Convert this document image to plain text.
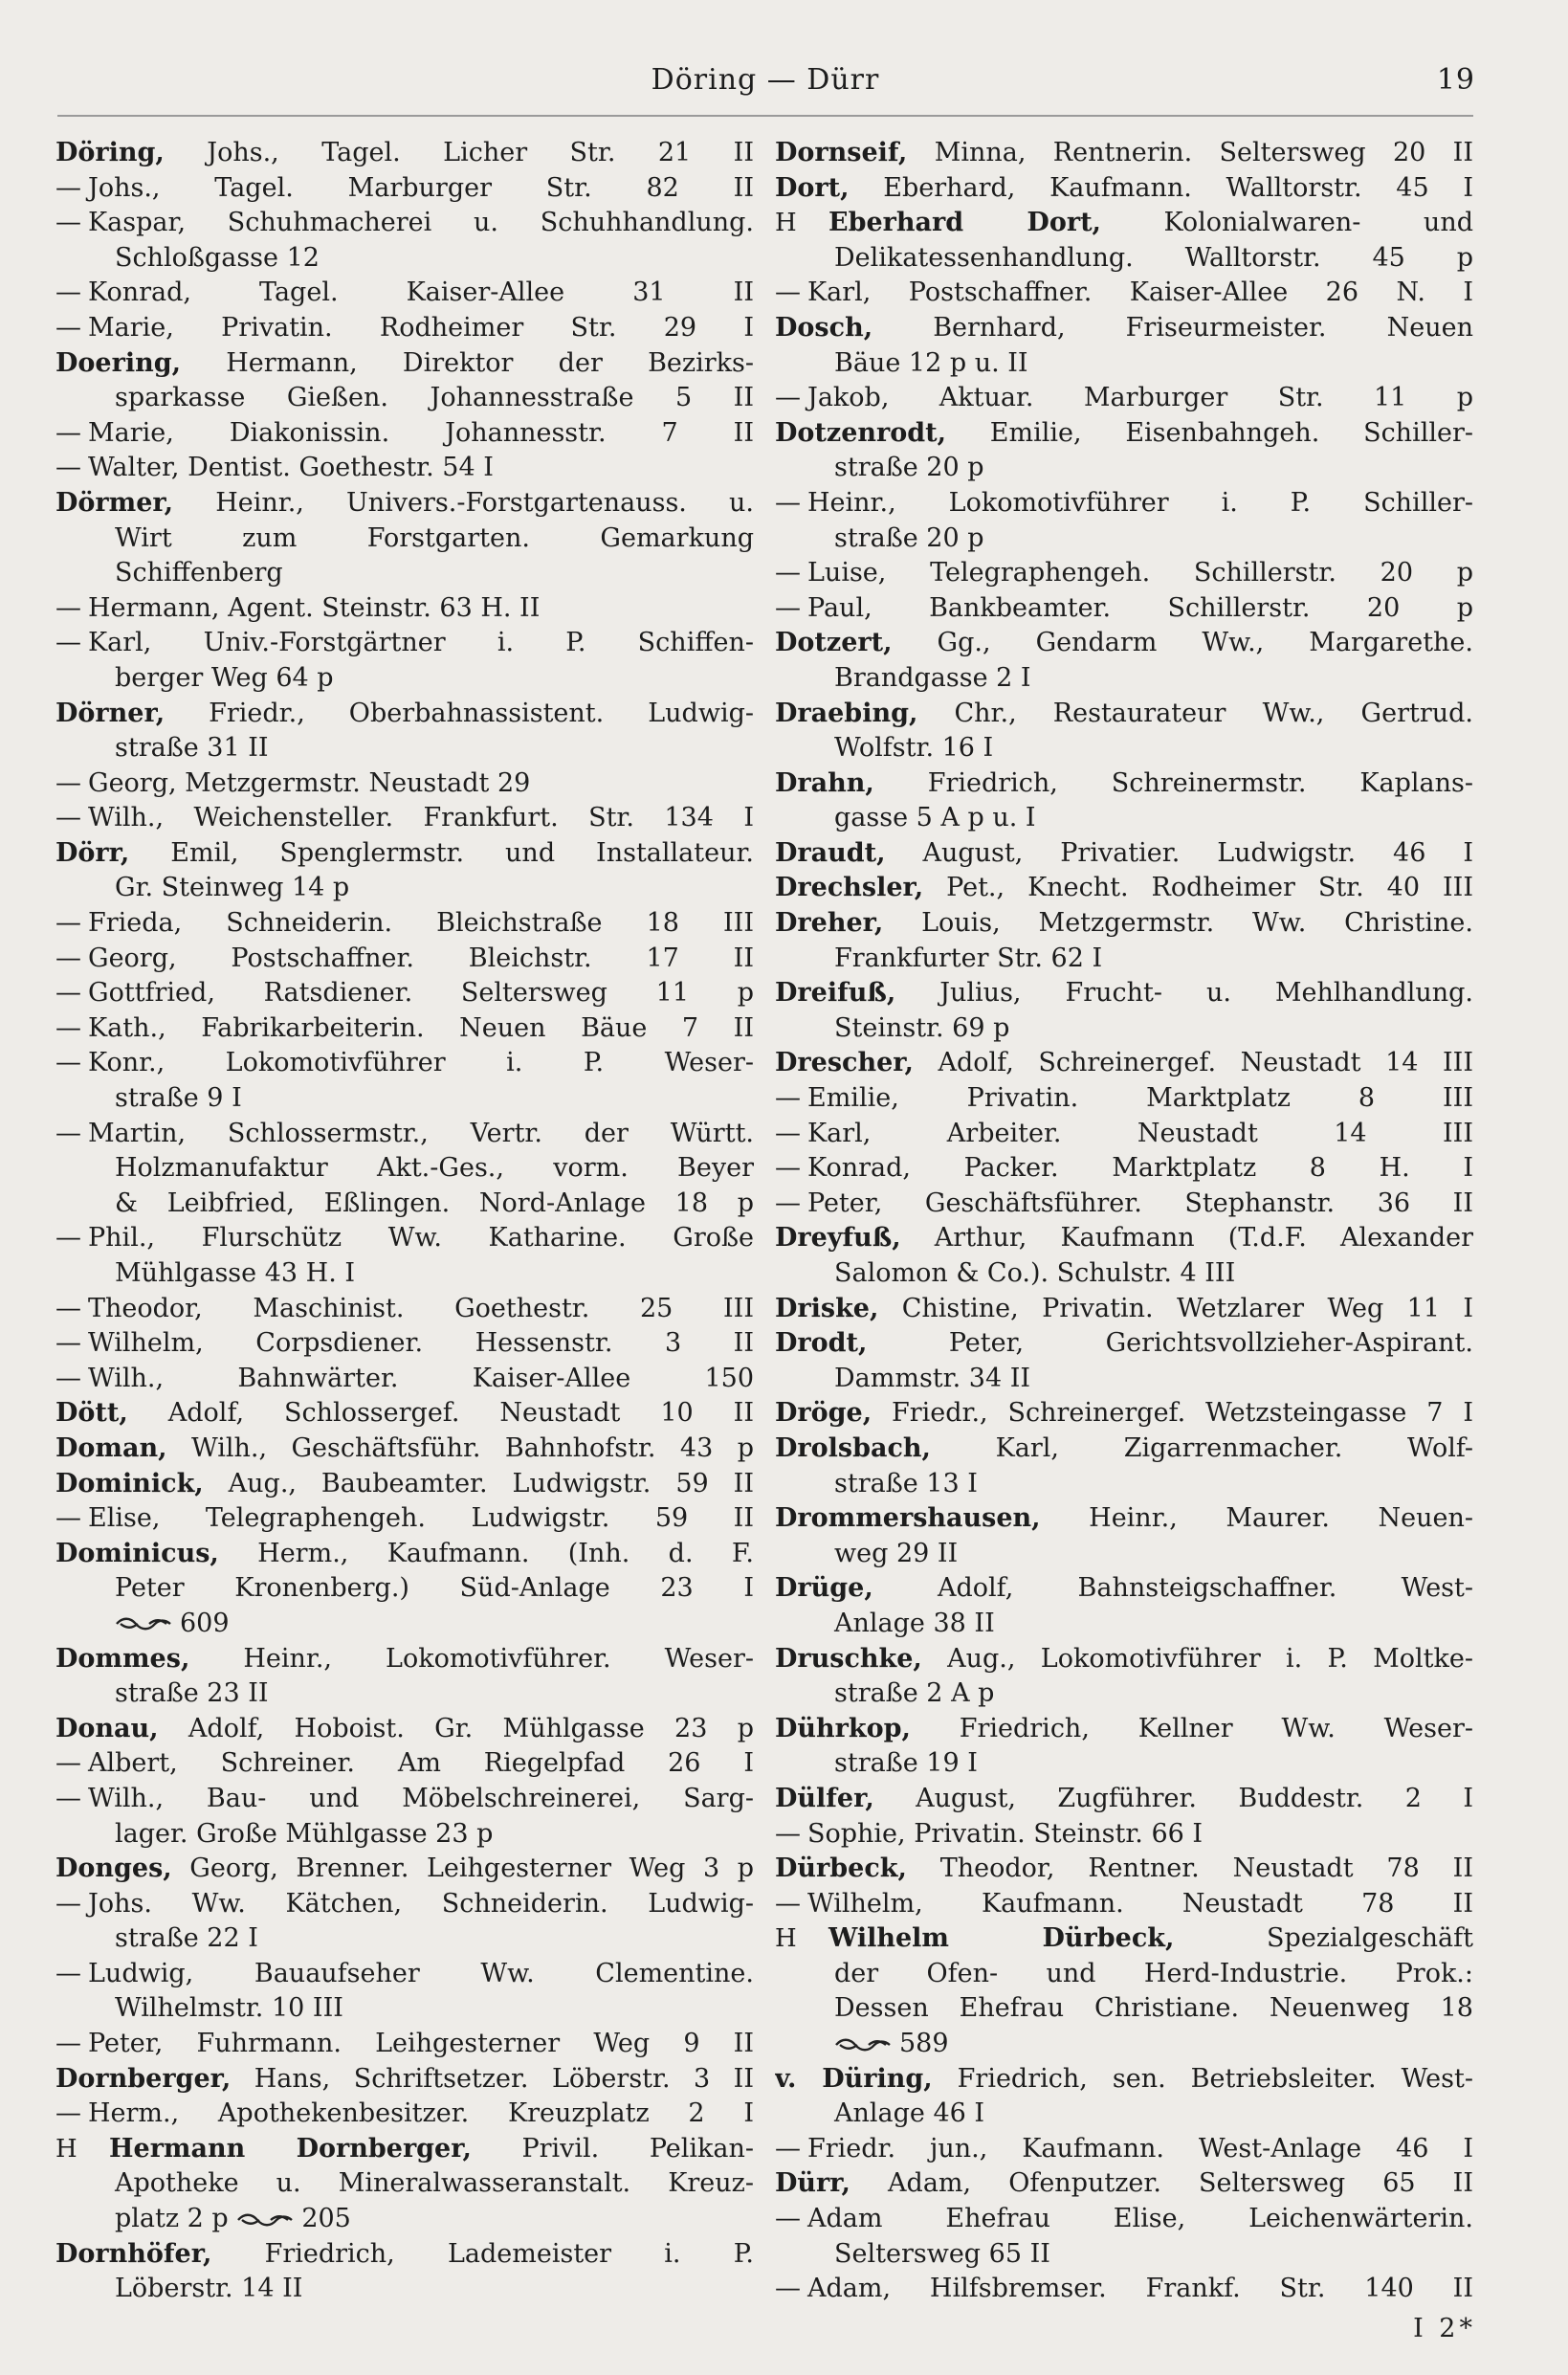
Döring — Dürr	19
Döring, Johs., Tagel. Licher Str. 21 II
— Johs., Tagel. Marburger Str. 82 II
— Kaspar, Schuhmacherei u. Schuhhandlung.
Schloßgasse 12
— Konrad, Tagel. Kaiser-Allee 31 II
— Marie, Privatin. Rodheimer Str. 29 I
Doering, Hermann, Direktor der Bezirks-
sparkasse Gießen. Johannesstraße 5 II
— Marie, Diakonissin. Johannesstr. 7 II
— Walter, Dentist. Goethestr. 54 I
Dörmer, Heinr., Univers.-Forstgartenauss. u.
Wirt zum Forstgarten. Gemarkung
Schiffenberg
— Hermann, Agent. Steinstr. 63 H. II
— Karl, Univ.-Forstgärtner i. P. Schiffen-
berger Weg 64 p
Dörner, Friedr., Oberbahnassistent. Ludwig-
straße 31 II
— Georg, Metzgermstr. Neustadt 29
— Wilh., Weichensteller. Frankfurt. Str. 134 I
Dörr, Emil, Spenglermstr. und Installateur.
Gr. Steinweg 14 p
— Frieda, Schneiderin. Bleichstraße 18 III
— Georg, Postschaffner. Bleichstr. 17 II
— Gottfried, Ratsdiener. Seltersweg 11 p
— Kath., Fabrikarbeiterin. Neuen Bäue 7 II
— Konr., Lokomotivführer i. P. Weser-
straße 9 I
— Martin, Schlossermstr., Vertr. der Württ.
Holzmanufaktur Akt.-Ges., vorm. Beyer
& Leibfried, Eßlingen. Nord-Anlage 18 p
— Phil., Flurschütz Ww. Katharine. Große
Mühlgasse 43 H. I
— Theodor, Maschinist. Goethestr. 25 III
— Wilhelm, Corpsdiener. Hessenstr. 3 II
— Wilh., Bahnwärter. Kaiser-Allee 150
Dött, Adolf, Schlossergef. Neustadt 10 II
Doman, Wilh., Geschäftsführ. Bahnhofstr. 43 p
Dominick, Aug., Baubeamter. Ludwigstr. 59 II
— Elise, Telegraphengeh. Ludwigstr. 59 II
Dominicus, Herm., Kaufmann. (Inh. d. F.
Peter Kronenberg.) Süd-Anlage 23 I
609
Dommes, Heinr., Lokomotivführer. Weser-
straße 23 II
Donau, Adolf, Hoboist. Gr. Mühlgasse 23 p
— Albert, Schreiner. Am Riegelpfad 26 I
— Wilh., Bau- und Möbelschreinerei, Sarg-
lager. Große Mühlgasse 23 p
Donges, Georg, Brenner. Leihgesterner Weg 3 p
— Johs. Ww. Kätchen, Schneiderin. Ludwig-
straße 22 I
— Ludwig, Bauaufseher Ww. Clementine.
Wilhelmstr. 10 III
— Peter, Fuhrmann. Leihgesterner Weg 9 II
Dornberger, Hans, Schriftsetzer. Löberstr. 3 II
— Herm., Apothekenbesitzer. Kreuzplatz 2 I
H Hermann Dornberger, Privil. Pelikan-
Apotheke u. Mineralwasseranstalt. Kreuz-
platz 2 p	205
Dornhöfer, Friedrich, Lademeister i. P.
Löberstr. 14 II
Dornseif, Minna, Rentnerin. Seltersweg 20 II
Dort, Eberhard, Kaufmann. Walltorstr. 45 I
H Eberhard Dort, Kolonialwaren- und
Delikatessenhandlung. Walltorstr. 45 p
— Karl, Postschaffner. Kaiser-Allee 26 N. I
Dosch, Bernhard, Friseurmeister. Neuen
Bäue 12 p u. II
— Jakob, Aktuar. Marburger Str. 11 p
Dotzenrodt, Emilie, Eisenbahngeh. Schiller-
straße 20 p
— Heinr., Lokomotivführer i. P. Schiller-
straße 20 p
— Luise, Telegraphengeh. Schillerstr. 20 p
— Paul, Bankbeamter. Schillerstr. 20 p
Dotzert, Gg., Gendarm Ww., Margarethe.
Brandgasse 2 I
Draebing, Chr., Restaurateur Ww., Gertrud.
Wolfstr. 16 I
Drahn, Friedrich, Schreinermstr. Kaplans-
gasse 5 A p u. I
Draudt, August, Privatier. Ludwigstr. 46 I
Drechsler, Pet., Knecht. Rodheimer Str. 40 III
Dreher, Louis, Metzgermstr. Ww. Christine.
Frankfurter Str. 62 I
Dreifuß, Julius, Frucht- u. Mehlhandlung.
Steinstr. 69 p
Drescher, Adolf, Schreinergef. Neustadt 14 III
— Emilie, Privatin. Marktplatz 8 III
— Karl, Arbeiter. Neustadt 14 III
— Konrad, Packer. Marktplatz 8 H. I
— Peter, Geschäftsführer. Stephanstr. 36 II
Dreyfuß, Arthur, Kaufmann (T.d.F. Alexander
Salomon & Co.). Schulstr. 4 III
Driske, Chistine, Privatin. Wetzlarer Weg 11 I
Drodt, Peter, Gerichtsvollzieher-Aspirant.
Dammstr. 34 II
Dröge, Friedr., Schreinergef. Wetzsteingasse 7 I
Drolsbach, Karl, Zigarrenmacher. Wolf-
straße 13 I
Drommershausen, Heinr., Maurer. Neuen-
weg 29 II
Drüge, Adolf, Bahnsteigschaffner. West-
Anlage 38 II
Druschke, Aug., Lokomotivführer i. P. Moltke-
straße 2 A p
Dührkop, Friedrich, Kellner Ww. Weser-
straße 19 I
Dülfer, August, Zugführer. Buddestr. 2 I
— Sophie, Privatin. Steinstr. 66 I
Dürbeck, Theodor, Rentner. Neustadt 78 II
— Wilhelm, Kaufmann. Neustadt 78 II
H Wilhelm Dürbeck, Spezialgeschäft
der Ofen- und Herd-Industrie. Prok.:
Dessen Ehefrau Christiane. Neuenweg 18
589
v. Düring, Friedrich, sen. Betriebsleiter. West-
Anlage 46 I
— Friedr. jun., Kaufmann. West-Anlage 46 I
Dürr, Adam, Ofenputzer. Seltersweg 65 II
— Adam Ehefrau Elise, Leichenwärterin.
Seltersweg 65 II
— Adam, Hilfsbremser. Frankf. Str. 140 II
I 2*
